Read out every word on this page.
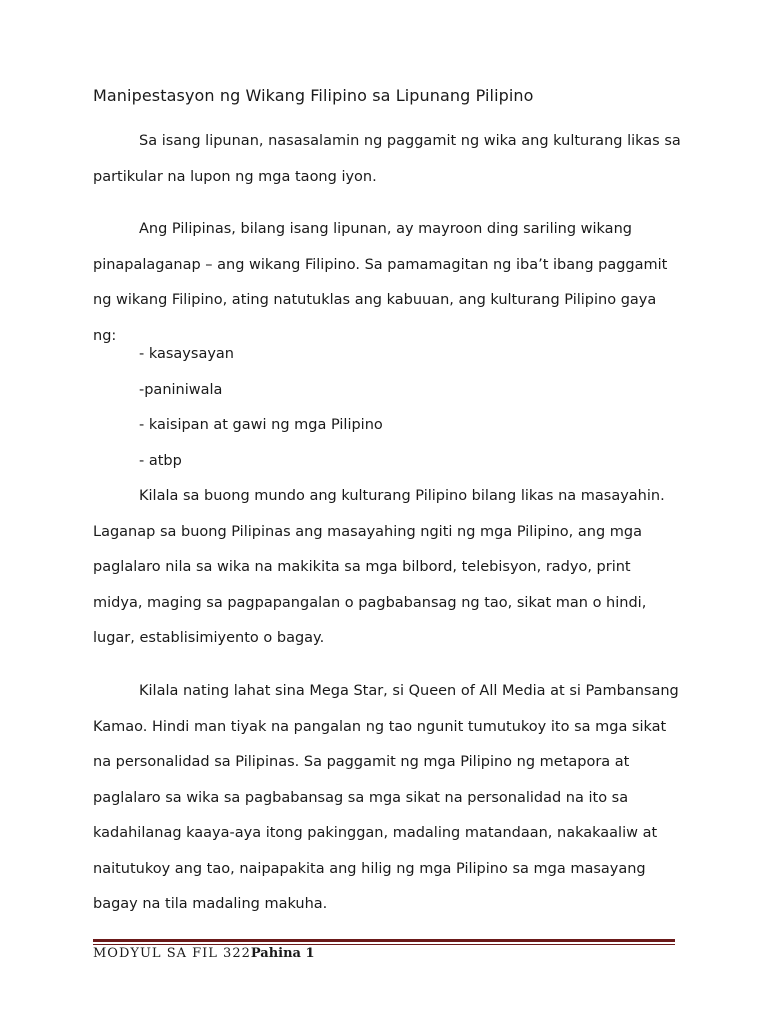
Manipestasyon ng Wikang Filipino sa Lipunang Pilipino

Sa isang lipunan, nasasalamin ng paggamit ng wika ang kulturang likas sa partikular na lupon ng mga taong iyon.

Ang Pilipinas, bilang isang lipunan, ay mayroon ding sariling wikang pinapalaganap – ang wikang Filipino. Sa pamamagitan ng iba’t ibang paggamit ng wikang Filipino, ating natutuklas ang kabuuan, ang kulturang Pilipino gaya ng:

- kasaysayan
-paniniwala
- kaisipan at gawi ng mga Pilipino
- atbp

Kilala sa buong mundo ang kulturang Pilipino bilang likas na masayahin. Laganap sa buong Pilipinas ang masayahing ngiti ng mga Pilipino, ang mga paglalaro nila sa wika na makikita sa mga bilbord, telebisyon, radyo, print midya, maging sa pagpapangalan o pagbabansag ng tao, sikat man o hindi, lugar, establisimiyento o bagay.

Kilala nating lahat sina Mega Star, si Queen of All Media at si Pambansang Kamao. Hindi man tiyak na pangalan ng tao ngunit tumutukoy ito sa mga sikat na personalidad sa Pilipinas. Sa paggamit ng mga Pilipino ng metapora at paglalaro sa wika sa pagbabansag sa mga sikat na personalidad na ito sa kadahilanag kaaya-aya itong pakinggan, madaling matandaan, nakakaaliw at naitutukoy ang tao, naipapakita ang hilig ng mga Pilipino sa mga masayang bagay na tila madaling makuha.

MODYUL SA FIL 322Pahina 1
